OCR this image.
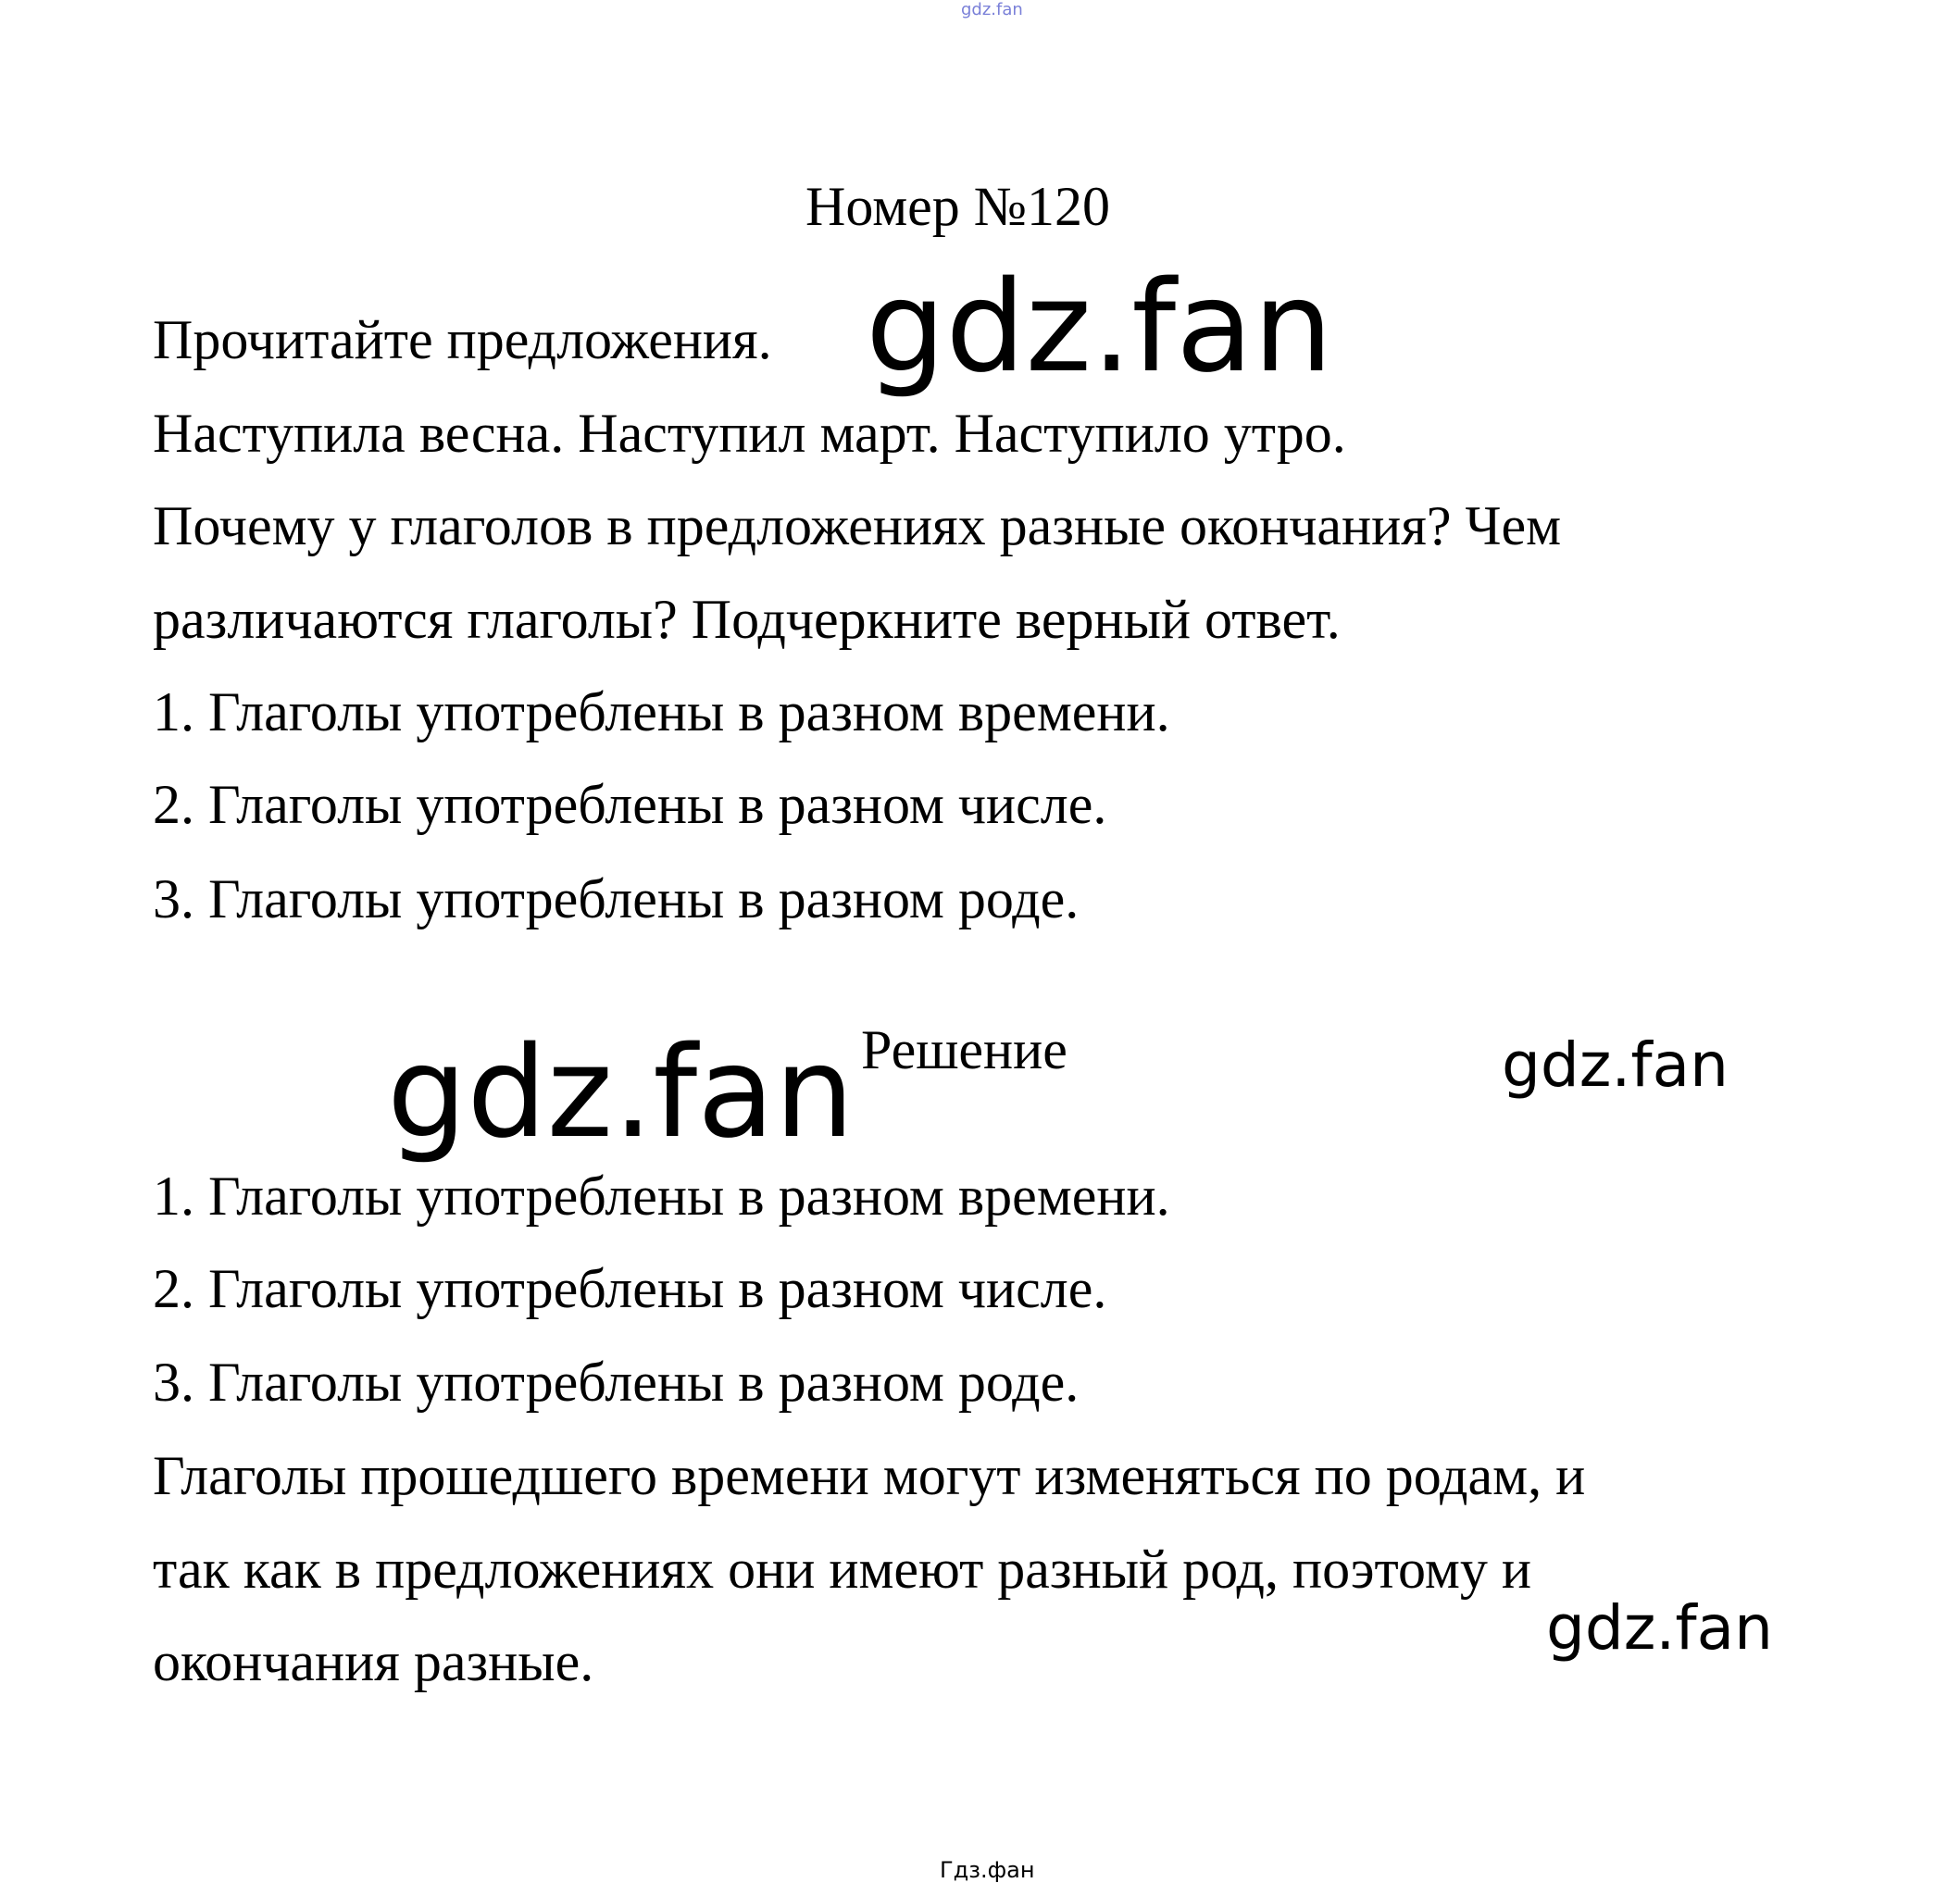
gdz.fan
Номер №120
Прочитайте предложения. gdz.fan
Наступила весна. Наступил март. Наступило утро.
Почему у глаголов в предложениях разные окончания? Чем
различаются глаголы? Подчеркните верный ответ.
1. Глаголы употреблены в разном времени.
2. Глаголы употреблены в разном числе.
3. Глаголы употреблены в разном роде.
gdz.fan Решение	gdz.fan
1. Глаголы употреблены в разном времени.
2. Глаголы употреблены в разном числе.
3. Глаголы употреблены в разном роде.
Глаголы прошедшего времени могут изменяться по родам, и
так как в предложениях они имеют разный род, поэтому и
gdz.fan
окончания разные.
Гдз.фан
